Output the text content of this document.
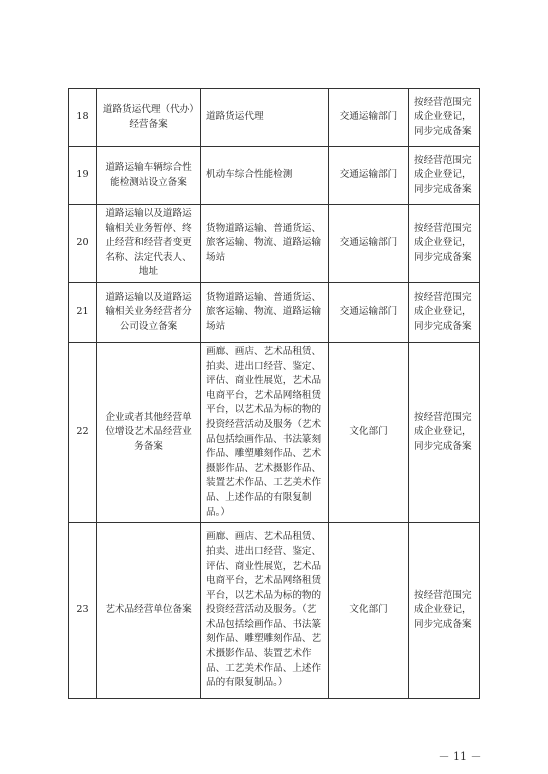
18	道路货运代理（代办）经营备案	道路货运代理	交通运输部门	按经营范围完成企业登记，同步完成备案
19	道路运输车辆综合性能检测站设立备案	机动车综合性能检测	交通运输部门	按经营范围完成企业登记，同步完成备案
20	道路运输以及道路运输相关业务暂停、终止经营和经营者变更名称、法定代表人、地址	货物道路运输、普通货运、旅客运输、物流、道路运输场站	交通运输部门	按经营范围完成企业登记，同步完成备案
21	道路运输以及道路运输相关业务经营者分公司设立备案	货物道路运输、普通货运、旅客运输、物流、道路运输场站	交通运输部门	按经营范围完成企业登记，同步完成备案
22	企业或者其他经营单位增设艺术品经营业务备案	画廊、画店、艺术品租赁、拍卖、进出口经营、鉴定、评估、商业性展览，艺术品电商平台，艺术品网络租赁平台，以艺术品为标的物的投资经营活动及服务（艺术品包括绘画作品、书法篆刻作品、雕塑雕刻作品、艺术摄影作品、艺术摄影作品、装置艺术作品、工艺美术作品、上述作品的有限复制品。）	文化部门	按经营范围完成企业登记，同步完成备案
23	艺术品经营单位备案	画廊、画店、艺术品租赁、拍卖、进出口经营、鉴定、评估、商业性展览，艺术品电商平台，艺术品网络租赁平台，以艺术品为标的物的投资经营活动及服务。（艺术品包括绘画作品、书法篆刻作品、雕塑雕刻作品、艺术摄影作品、装置艺术作品、工艺美术作品、上述作品的有限复制品。）	文化部门	按经营范围完成企业登记，同步完成备案
－ 11 －
